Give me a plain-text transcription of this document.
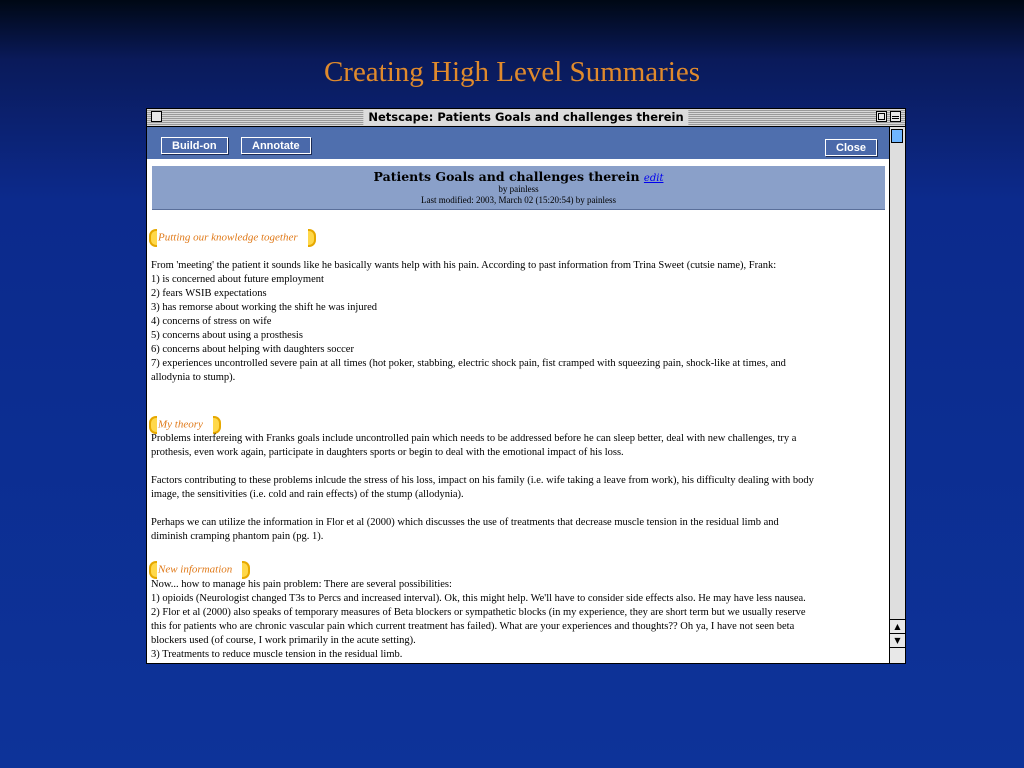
Creating High Level Summaries
Netscape: Patients Goals and challenges therein
Build-on	Annotate	Close
Patients Goals and challenges therein edit
by painless
Last modified: 2003, March 02 (15:20:54) by painless
Putting our knowledge together
From 'meeting' the patient it sounds like he basically wants help with his pain. According to past information from Trina Sweet (cutsie name), Frank:
1) is concerned about future employment
2) fears WSIB expectations
3) has remorse about working the shift he was injured
4) concerns of stress on wife
5) concerns about using a prosthesis
6) concerns about helping with daughters soccer
7) experiences uncontrolled severe pain at all times (hot poker, stabbing, electric shock pain, fist cramped with squeezing pain, shock-like at times, and
allodynia to stump).
My theory
Problems interfereing with Franks goals include uncontrolled pain which needs to be addressed before he can sleep better, deal with new challenges, try a
prothesis, even work again, participate in daughters sports or begin to deal with the emotional impact of his loss.

Factors contributing to these problems inlcude the stress of his loss, impact on his family (i.e. wife taking a leave from work), his difficulty dealing with body
image, the sensitivities (i.e. cold and rain effects) of the stump (allodynia).

Perhaps we can utilize the information in Flor et al (2000) which discusses the use of treatments that decrease muscle tension in the residual limb and
diminish cramping phantom pain (pg. 1).
New information
Now... how to manage his pain problem: There are several possibilities:
1) opioids (Neurologist changed T3s to Percs and increased interval). Ok, this might help. We'll have to consider side effects also. He may have less nausea.
2) Flor et al (2000) also speaks of temporary measures of Beta blockers or sympathetic blocks (in my experience, they are short term but we usually reserve
this for patients who are chronic vascular pain which current treatment has failed). What are your experiences and thoughts?? Oh ya, I have not seen beta
blockers used (of course, I work primarily in the acute setting).
3) Treatments to reduce muscle tension in the residual limb.
▲
▼
